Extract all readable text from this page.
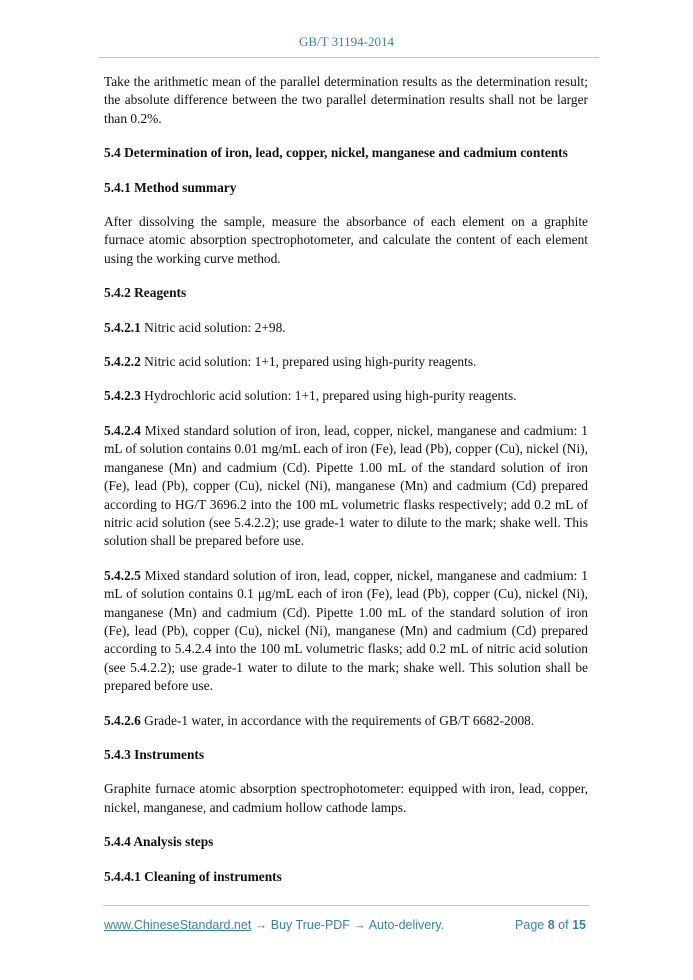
GB/T 31194-2014

Take the arithmetic mean of the parallel determination results as the determination result; the absolute difference between the two parallel determination results shall not be larger than 0.2%.

5.4 Determination of iron, lead, copper, nickel, manganese and cadmium contents

5.4.1 Method summary

After dissolving the sample, measure the absorbance of each element on a graphite furnace atomic absorption spectrophotometer, and calculate the content of each element using the working curve method.

5.4.2 Reagents

5.4.2.1 Nitric acid solution: 2+98.

5.4.2.2 Nitric acid solution: 1+1, prepared using high-purity reagents.

5.4.2.3 Hydrochloric acid solution: 1+1, prepared using high-purity reagents.

5.4.2.4 Mixed standard solution of iron, lead, copper, nickel, manganese and cadmium: 1 mL of solution contains 0.01 mg/mL each of iron (Fe), lead (Pb), copper (Cu), nickel (Ni), manganese (Mn) and cadmium (Cd). Pipette 1.00 mL of the standard solution of iron (Fe), lead (Pb), copper (Cu), nickel (Ni), manganese (Mn) and cadmium (Cd) prepared according to HG/T 3696.2 into the 100 mL volumetric flasks respectively; add 0.2 mL of nitric acid solution (see 5.4.2.2); use grade-1 water to dilute to the mark; shake well. This solution shall be prepared before use.

5.4.2.5 Mixed standard solution of iron, lead, copper, nickel, manganese and cadmium: 1 mL of solution contains 0.1 μg/mL each of iron (Fe), lead (Pb), copper (Cu), nickel (Ni), manganese (Mn) and cadmium (Cd). Pipette 1.00 mL of the standard solution of iron (Fe), lead (Pb), copper (Cu), nickel (Ni), manganese (Mn) and cadmium (Cd) prepared according to 5.4.2.4 into the 100 mL volumetric flasks; add 0.2 mL of nitric acid solution (see 5.4.2.2); use grade-1 water to dilute to the mark; shake well. This solution shall be prepared before use.

5.4.2.6 Grade-1 water, in accordance with the requirements of GB/T 6682-2008.

5.4.3 Instruments

Graphite furnace atomic absorption spectrophotometer: equipped with iron, lead, copper, nickel, manganese, and cadmium hollow cathode lamps.

5.4.4 Analysis steps

5.4.4.1 Cleaning of instruments

www.ChineseStandard.net → Buy True-PDF → Auto-delivery.	Page 8 of 15
